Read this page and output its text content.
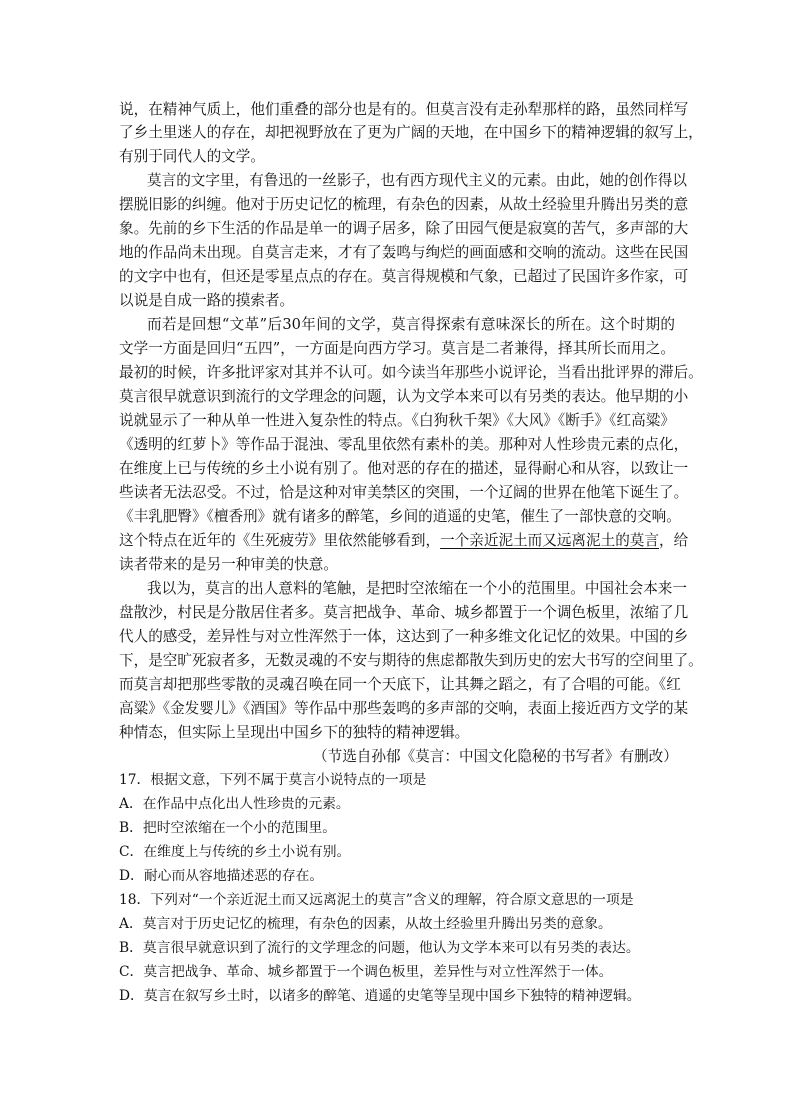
说，在精神气质上，他们重叠的部分也是有的。但莫言没有走孙犁那样的路，虽然同样写
了乡土里迷人的存在，却把视野放在了更为广阔的天地，在中国乡下的精神逻辑的叙写上，
有别于同代人的文学。
莫言的文字里，有鲁迅的一丝影子，也有西方现代主义的元素。由此，她的创作得以
摆脱旧影的纠缠。他对于历史记忆的梳理，有杂色的因素，从故土经验里升腾出另类的意
象。先前的乡下生活的作品是单一的调子居多，除了田园气便是寂寞的苦气，多声部的大
地的作品尚未出现。自莫言走来，才有了轰鸣与绚烂的画面感和交响的流动。这些在民国
的文字中也有，但还是零星点点的存在。莫言得规模和气象，已超过了民国许多作家，可
以说是自成一路的摸索者。
而若是回想“文革”后30年间的文学，莫言得探索有意味深长的所在。这个时期的
文学一方面是回归“五四”，一方面是向西方学习。莫言是二者兼得，择其所长而用之。
最初的时候，许多批评家对其并不认可。如今读当年那些小说评论，当看出批评界的滞后。
莫言很早就意识到流行的文学理念的问题，认为文学本来可以有另类的表达。他早期的小
说就显示了一种从单一性进入复杂性的特点。《白狗秋千架》《大风》《断手》《红高粱》
《透明的红萝卜》等作品于混浊、零乱里依然有素朴的美。那种对人性珍贵元素的点化，
在维度上已与传统的乡土小说有别了。他对恶的存在的描述，显得耐心和从容，以致让一
些读者无法忍受。不过，恰是这种对审美禁区的突围，一个辽阔的世界在他笔下诞生了。
《丰乳肥臀》《檀香刑》就有诸多的醉笔，乡间的逍遥的史笔，催生了一部快意的交响。
这个特点在近年的《生死疲劳》里依然能够看到，一个亲近泥土而又远离泥土的莫言，给
读者带来的是另一种审美的快意。
我以为，莫言的出人意料的笔触，是把时空浓缩在一个小的范围里。中国社会本来一
盘散沙，村民是分散居住者多。莫言把战争、革命、城乡都置于一个调色板里，浓缩了几
代人的感受，差异性与对立性浑然于一体，这达到了一种多维文化记忆的效果。中国的乡
下，是空旷死寂者多，无数灵魂的不安与期待的焦虑都散失到历史的宏大书写的空间里了。
而莫言却把那些零散的灵魂召唤在同一个天底下，让其舞之蹈之，有了合唱的可能。《红
高粱》《金发婴儿》《酒国》等作品中那些轰鸣的多声部的交响，表面上接近西方文学的某
种情态，但实际上呈现出中国乡下的独特的精神逻辑。
（节选自孙郁《莫言：中国文化隐秘的书写者》有删改）
17．根据文意，下列不属于莫言小说特点的一项是
A．在作品中点化出人性珍贵的元素。
B．把时空浓缩在一个小的范围里。
C．在维度上与传统的乡土小说有别。
D．耐心而从容地描述恶的存在。
18．下列对“一个亲近泥土而又远离泥土的莫言”含义的理解，符合原文意思的一项是
A．莫言对于历史记忆的梳理，有杂色的因素，从故土经验里升腾出另类的意象。
B．莫言很早就意识到了流行的文学理念的问题，他认为文学本来可以有另类的表达。
C．莫言把战争、革命、城乡都置于一个调色板里，差异性与对立性浑然于一体。
D．莫言在叙写乡土时，以诸多的醉笔、逍遥的史笔等呈现中国乡下独特的精神逻辑。
